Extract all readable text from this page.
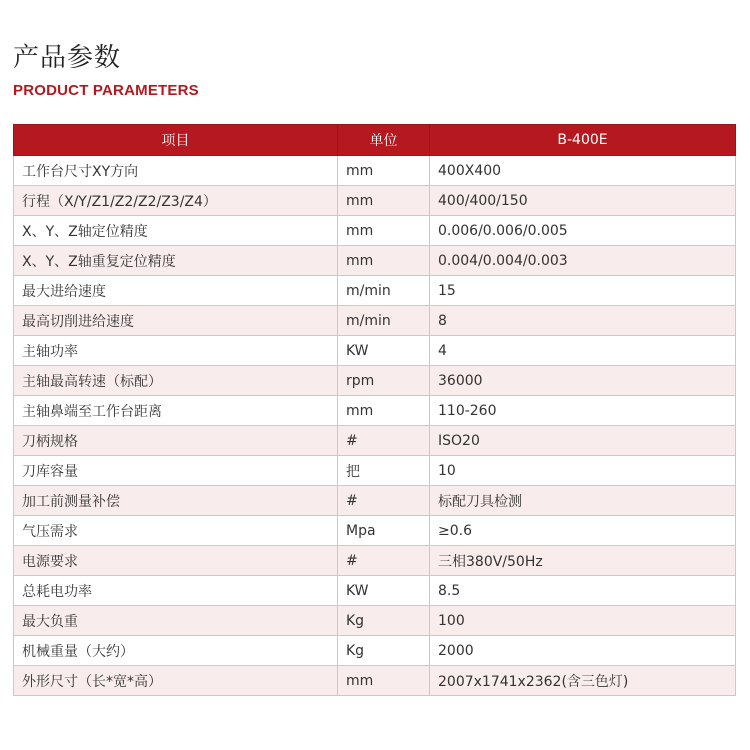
产品参数
PRODUCT PARAMETERS
项目	单位	B-400E
工作台尺寸XY方向	mm	400X400
行程（X/Y/Z1/Z2/Z2/Z3/Z4）	mm	400/400/150
X、Y、Z轴定位精度	mm	0.006/0.006/0.005
X、Y、Z轴重复定位精度	mm	0.004/0.004/0.003
最大进给速度	m/min	15
最高切削进给速度	m/min	8
主轴功率	KW	4
主轴最高转速（标配）	rpm	36000
主轴鼻端至工作台距离	mm	110-260
刀柄规格	#	ISO20
刀库容量	把	10
加工前测量补偿	#	标配刀具检测
气压需求	Mpa	≥0.6
电源要求	#	三相380V/50Hz
总耗电功率	KW	8.5
最大负重	Kg	100
机械重量（大约）	Kg	2000
外形尺寸（长*宽*高）	mm	2007x1741x2362(含三色灯)
